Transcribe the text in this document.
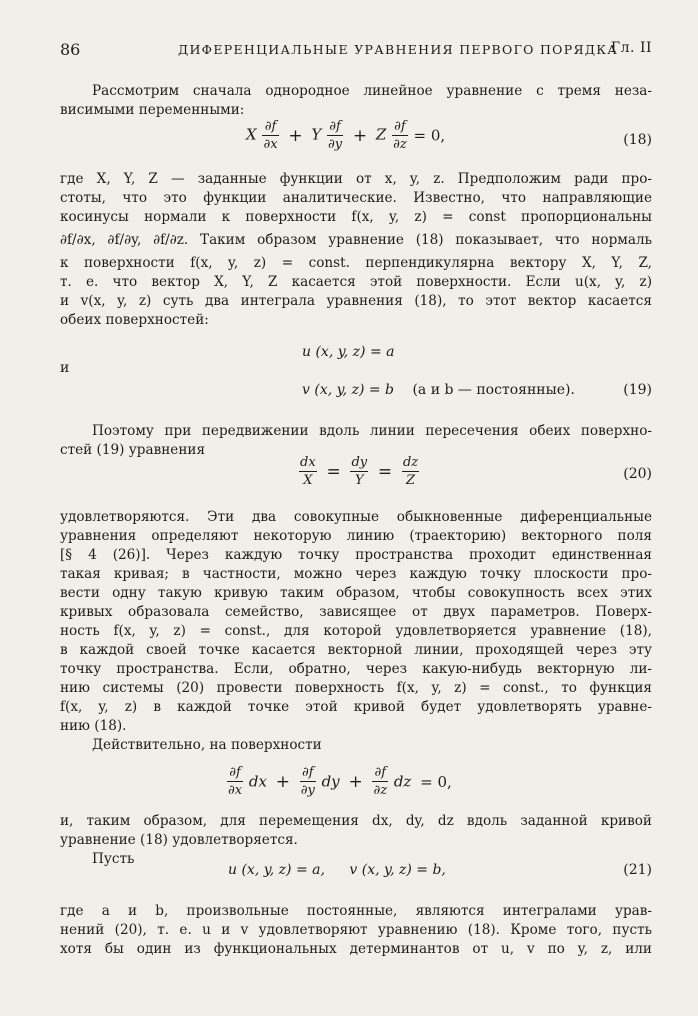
86	ДИФЕРЕНЦИАЛЬНЫЕ УРАВНЕНИЯ ПЕРВОГО ПОРЯДКА
Гл. II
Рассмотрим сначала однородное линейное уравнение с тремя неза-
висимыми переменными:
X $\frac{\partial f}{\partial x} + Y \frac{\partial f}{\partial y} + Z \frac{\partial f}{\partial z} = 0$,	(18)
где X, Y, Z — заданные функции от x, y, z. Предположим ради про-
стоты, что это функции аналитические. Известно, что направляющие
косинусы нормали к поверхности f(x, y, z) = const пропорциональны
∂f/∂x, ∂f/∂y, ∂f/∂z. Таким образом уравнение (18) показывает, что нормаль
к поверхности f(x, y, z) = const. перпендикулярна вектору X, Y, Z,
т. е. что вектор X, Y, Z касается этой поверхности. Если u(x, y, z)
и v(x, y, z) суть два интеграла уравнения (18), то этот вектор касается
обеих поверхностей:
u (x, y, z) = a
и
v (x, y, z) = b (a и b — постоянные).	(19)
Поэтому при передвижении вдоль линии пересечения обеих поверхно-
стей (19) уравнения
$\frac{dx}{X} = \frac{dy}{Y} = \frac{dz}{Z}$	(20)
удовлетворяются. Эти два совокупные обыкновенные диференциальные
уравнения определяют некоторую линию (траекторию) векторного поля
[§ 4 (26)]. Через каждую точку пространства проходит единственная
такая кривая; в частности, можно через каждую точку плоскости про-
вести одну такую кривую таким образом, чтобы совокупность всех этих
кривых образовала семейство, зависящее от двух параметров. Поверх-
ность f(x, y, z) = const., для которой удовлетворяется уравнение (18),
в каждой своей точке касается векторной линии, проходящей через эту
точку пространства. Если, обратно, через какую-нибудь векторную ли-
нию системы (20) провести поверхность f(x, y, z) = const., то функция
f(x, y, z) в каждой точке этой кривой будет удовлетворять уравне-
нию (18).
Действительно, на поверхности
$\frac{\partial f}{\partial x}$ dx + $\frac{\partial f}{\partial y}$ dy + $\frac{\partial f}{\partial z}$ dz = 0,
и, таким образом, для перемещения dx, dy, dz вдоль заданной кривой
уравнение (18) удовлетворяется.
Пусть
u (x, y, z) = a, v (x, y, z) = b,	(21)
где a и b, произвольные постоянные, являются интегралами урав-
нений (20), т. е. u и v удовлетворяют уравнению (18). Кроме того, пусть
хотя бы один из функциональных детерминантов от u, v по y, z, или
